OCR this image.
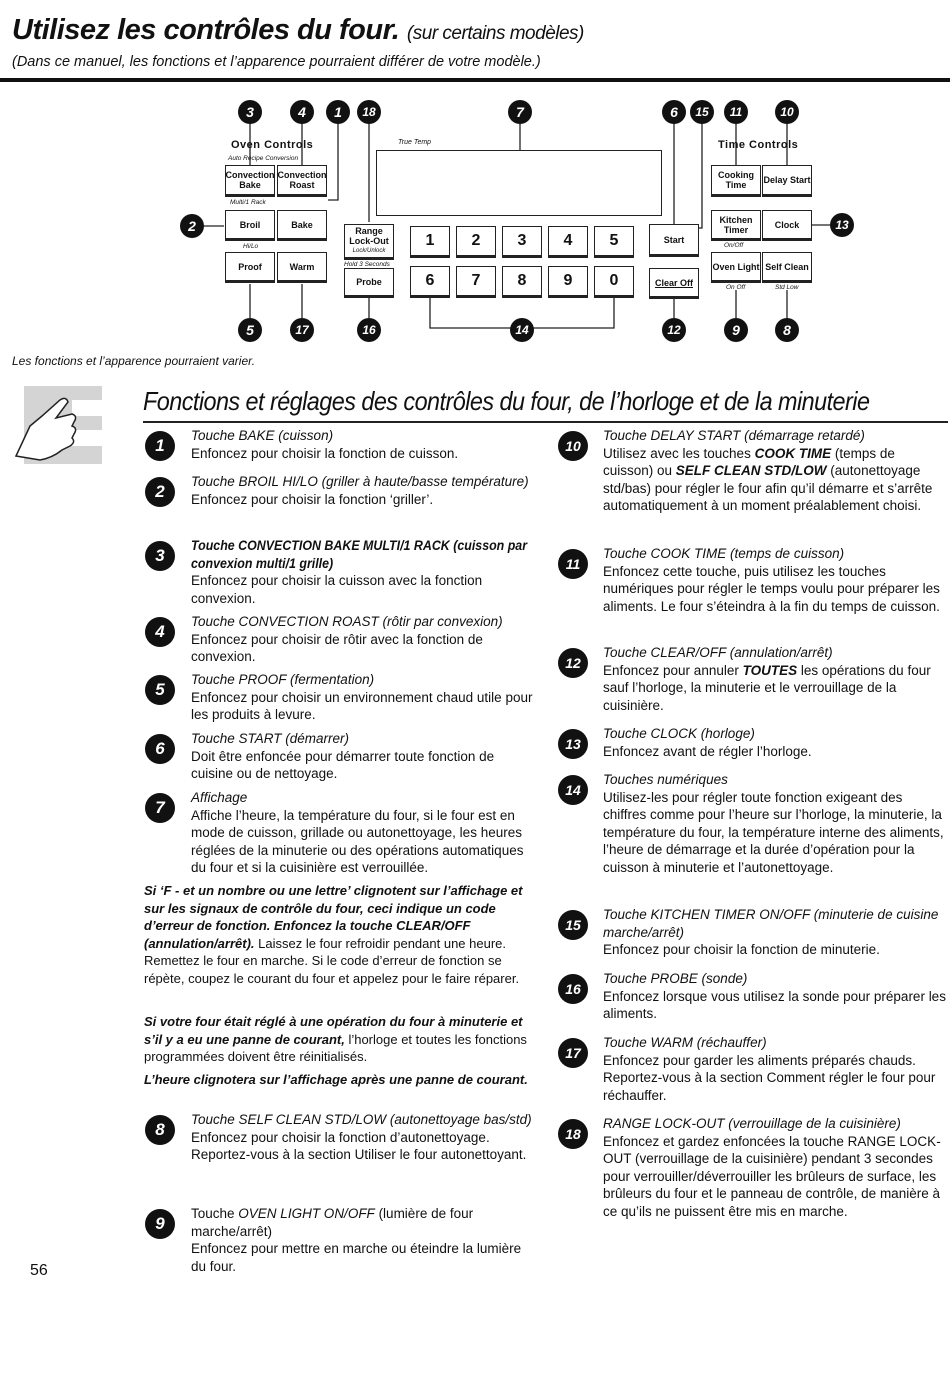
Utilisez les contrôles du four. (sur certains modèles)
(Dans ce manuel, les fonctions et l’apparence pourraient différer de votre modèle.)
Oven Controls
Auto Recipe Conversion
Time Controls
True Temp
Convection Bake
Convection Roast
Multi/1 Rack
Broil	Bake
Hi/Lo
Proof	Warm
Range Lock-Out
Lock/Unlock
Hold 3 Seconds
Probe
1	2	3	4	5
6	7	8	9	0
Start
Clear Off
Cooking Time	Delay Start
Kitchen Timer	Clock
On/Off
Oven Light Self Clean
On Off	Std Low
3	4	1	18	7	6	15	11	10
2	13
5	17	16	14	12	9	8
Les fonctions et l’apparence pourraient varier.
Fonctions et réglages des contrôles du four, de l’horloge et de la minuterie
1
Touche BAKE (cuisson)
Enfoncez pour choisir la fonction de cuisson.
2
Touche BROIL HI/LO (griller à haute/basse température)
Enfoncez pour choisir la fonction ‘griller’.
3
Touche CONVECTION BAKE MULTI/1 RACK (cuisson par convexion multi/1 grille)
Enfoncez pour choisir la cuisson avec la fonction convexion.
4
Touche CONVECTION ROAST (rôtir par convexion)
Enfoncez pour choisir de rôtir avec la fonction de convexion.
5
Touche PROOF (fermentation)
Enfoncez pour choisir un environnement chaud utile pour les produits à levure.
6
Touche START (démarrer)
Doit être enfoncée pour démarrer toute fonction de cuisine ou de nettoyage.
7
Affichage
Affiche l’heure, la température du four, si le four est en mode de cuisson, grillade ou autonettoyage, les heures réglées de la minuterie ou des opérations automatiques du four et si la cuisinière est verrouillée.
8
Touche SELF CLEAN STD/LOW (autonettoyage bas/std)
Enfoncez pour choisir la fonction d’autonettoyage. Reportez-vous à la section Utiliser le four autonettoyant.
9
Touche OVEN LIGHT ON/OFF (lumière de four marche/arrêt)
Enfoncez pour mettre en marche ou éteindre la lumière du four.
Si ‘F - et un nombre ou une lettre’ clignotent sur l’affichage et sur les signaux de contrôle du four, ceci indique un code d’erreur de fonction. Enfoncez la touche CLEAR/OFF (annulation/arrêt). Laissez le four refroidir pendant une heure. Remettez le four en marche. Si le code d’erreur de fonction se répète, coupez le courant du four et appelez pour le faire réparer.
Si votre four était réglé à une opération du four à minuterie et s’il y a eu une panne de courant, l’horloge et toutes les fonctions programmées doivent être réinitialisés.
L’heure clignotera sur l’affichage après une panne de courant.
10
Touche DELAY START (démarrage retardé)
Utilisez avec les touches COOK TIME (temps de cuisson) ou SELF CLEAN STD/LOW (autonettoyage std/bas) pour régler le four afin qu’il démarre et s’arrête automatiquement à un moment préalablement choisi.
11
Touche COOK TIME (temps de cuisson)
Enfoncez cette touche, puis utilisez les touches numériques pour régler le temps voulu pour préparer les aliments. Le four s’éteindra à la fin du temps de cuisson.
12
Touche CLEAR/OFF (annulation/arrêt)
Enfoncez pour annuler TOUTES les opérations du four sauf l’horloge, la minuterie et le verrouillage de la cuisinière.
13
Touche CLOCK (horloge)
Enfoncez avant de régler l’horloge.
14
Touches numériques
Utilisez-les pour régler toute fonction exigeant des chiffres comme pour l’heure sur l’horloge, la minuterie, la température du four, la température interne des aliments, l’heure de démarrage et la durée d’opération pour la cuisson à minuterie et l’autonettoyage.
15
Touche KITCHEN TIMER ON/OFF (minuterie de cuisine marche/arrêt)
Enfoncez pour choisir la fonction de minuterie.
16
Touche PROBE (sonde)
Enfoncez lorsque vous utilisez la sonde pour préparer les aliments.
17
Touche WARM (réchauffer)
Enfoncez pour garder les aliments préparés chauds. Reportez-vous à la section Comment régler le four pour réchauffer.
18
RANGE LOCK-OUT (verrouillage de la cuisinière)
Enfoncez et gardez enfoncées la touche RANGE LOCK-OUT (verrouillage de la cuisinière) pendant 3 secondes pour verrouiller/déverrouiller les brûleurs de surface, les brûleurs du four et le panneau de contrôle, de manière à ce qu’ils ne puissent être mis en marche.
56
